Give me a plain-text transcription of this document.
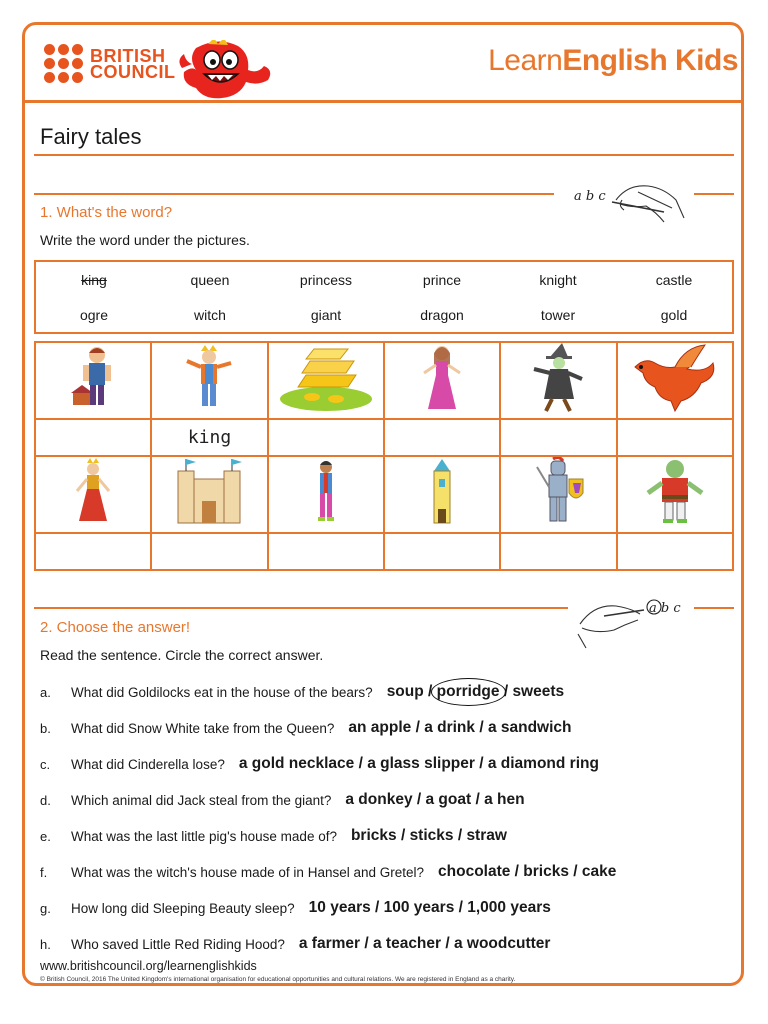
BRITISH
COUNCIL	LearnEnglish Kids
Fairy tales
a b c
1. What's the word?
Write the word under the pictures.
king	queen	princess	prince	knight	castle
ogre	witch	giant	dragon	tower	gold

	king				

a b c
2. Choose the answer!
Read the sentence. Circle the correct answer.
a.	What did Goldilocks eat in the house of the bears? soup / porridge / sweets
b.	What did Snow White take from the Queen? an apple / a drink / a sandwich
c.	What did Cinderella lose? a gold necklace / a glass slipper / a diamond ring
d.	Which animal did Jack steal from the giant? a donkey / a goat / a hen
e.	What was the last little pig's house made of? bricks / sticks / straw
f.	What was the witch's house made of in Hansel and Gretel? chocolate / bricks / cake
g.	How long did Sleeping Beauty sleep? 10 years / 100 years / 1,000 years
h.	Who saved Little Red Riding Hood? a farmer / a teacher / a woodcutter
www.britishcouncil.org/learnenglishkids
© British Council, 2016 The United Kingdom's international organisation for educational opportunities and cultural relations. We are registered in England as a charity.
